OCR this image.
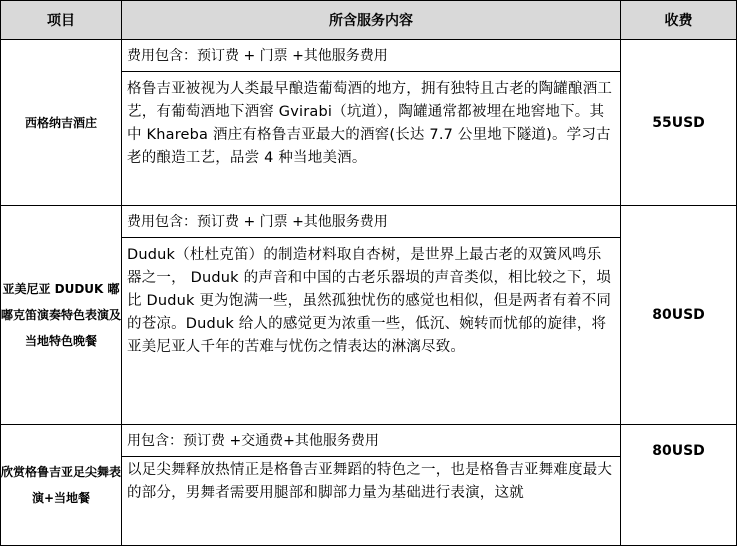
项目	所含服务内容	收费
西格纳吉酒庄	费用包含：预订费 + 门票 +其他服务费用	55USD
	格鲁吉亚被视为人类最早酿造葡萄酒的地方，拥有独特且古老的陶罐酿酒工艺，有葡萄酒地下酒窖 Gvirabi（坑道），陶罐通常都被埋在地窖地下。其中 Khareba 酒庄有格鲁吉亚最大的酒窖(长达 7.7 公里地下隧道)。学习古老的酿造工艺，品尝 4 种当地美酒。	
亚美尼亚 DUDUK 嘟嘟克笛演奏特色表演及当地特色晚餐	费用包含：预订费 + 门票 +其他服务费用	80USD
	Duduk（杜杜克笛）的制造材料取自杏树，是世界上最古老的双簧风鸣乐器之一， Duduk 的声音和中国的古老乐器埙的声音类似，相比较之下，埙比 Duduk 更为饱满一些，虽然孤独忧伤的感觉也相似，但是两者有着不同的苍凉。Duduk 给人的感觉更为浓重一些，低沉、婉转而忧郁的旋律，将亚美尼亚人千年的苦难与忧伤之情表达的淋漓尽致。	
欣赏格鲁吉亚足尖舞表演+当地餐	用包含：预订费 +交通费+其他服务费用	80USD

	以足尖舞释放热情正是格鲁吉亚舞蹈的特色之一，也是格鲁吉亚舞难度最大的部分，男舞者需要用腿部和脚部力量为基础进行表演，这就	
